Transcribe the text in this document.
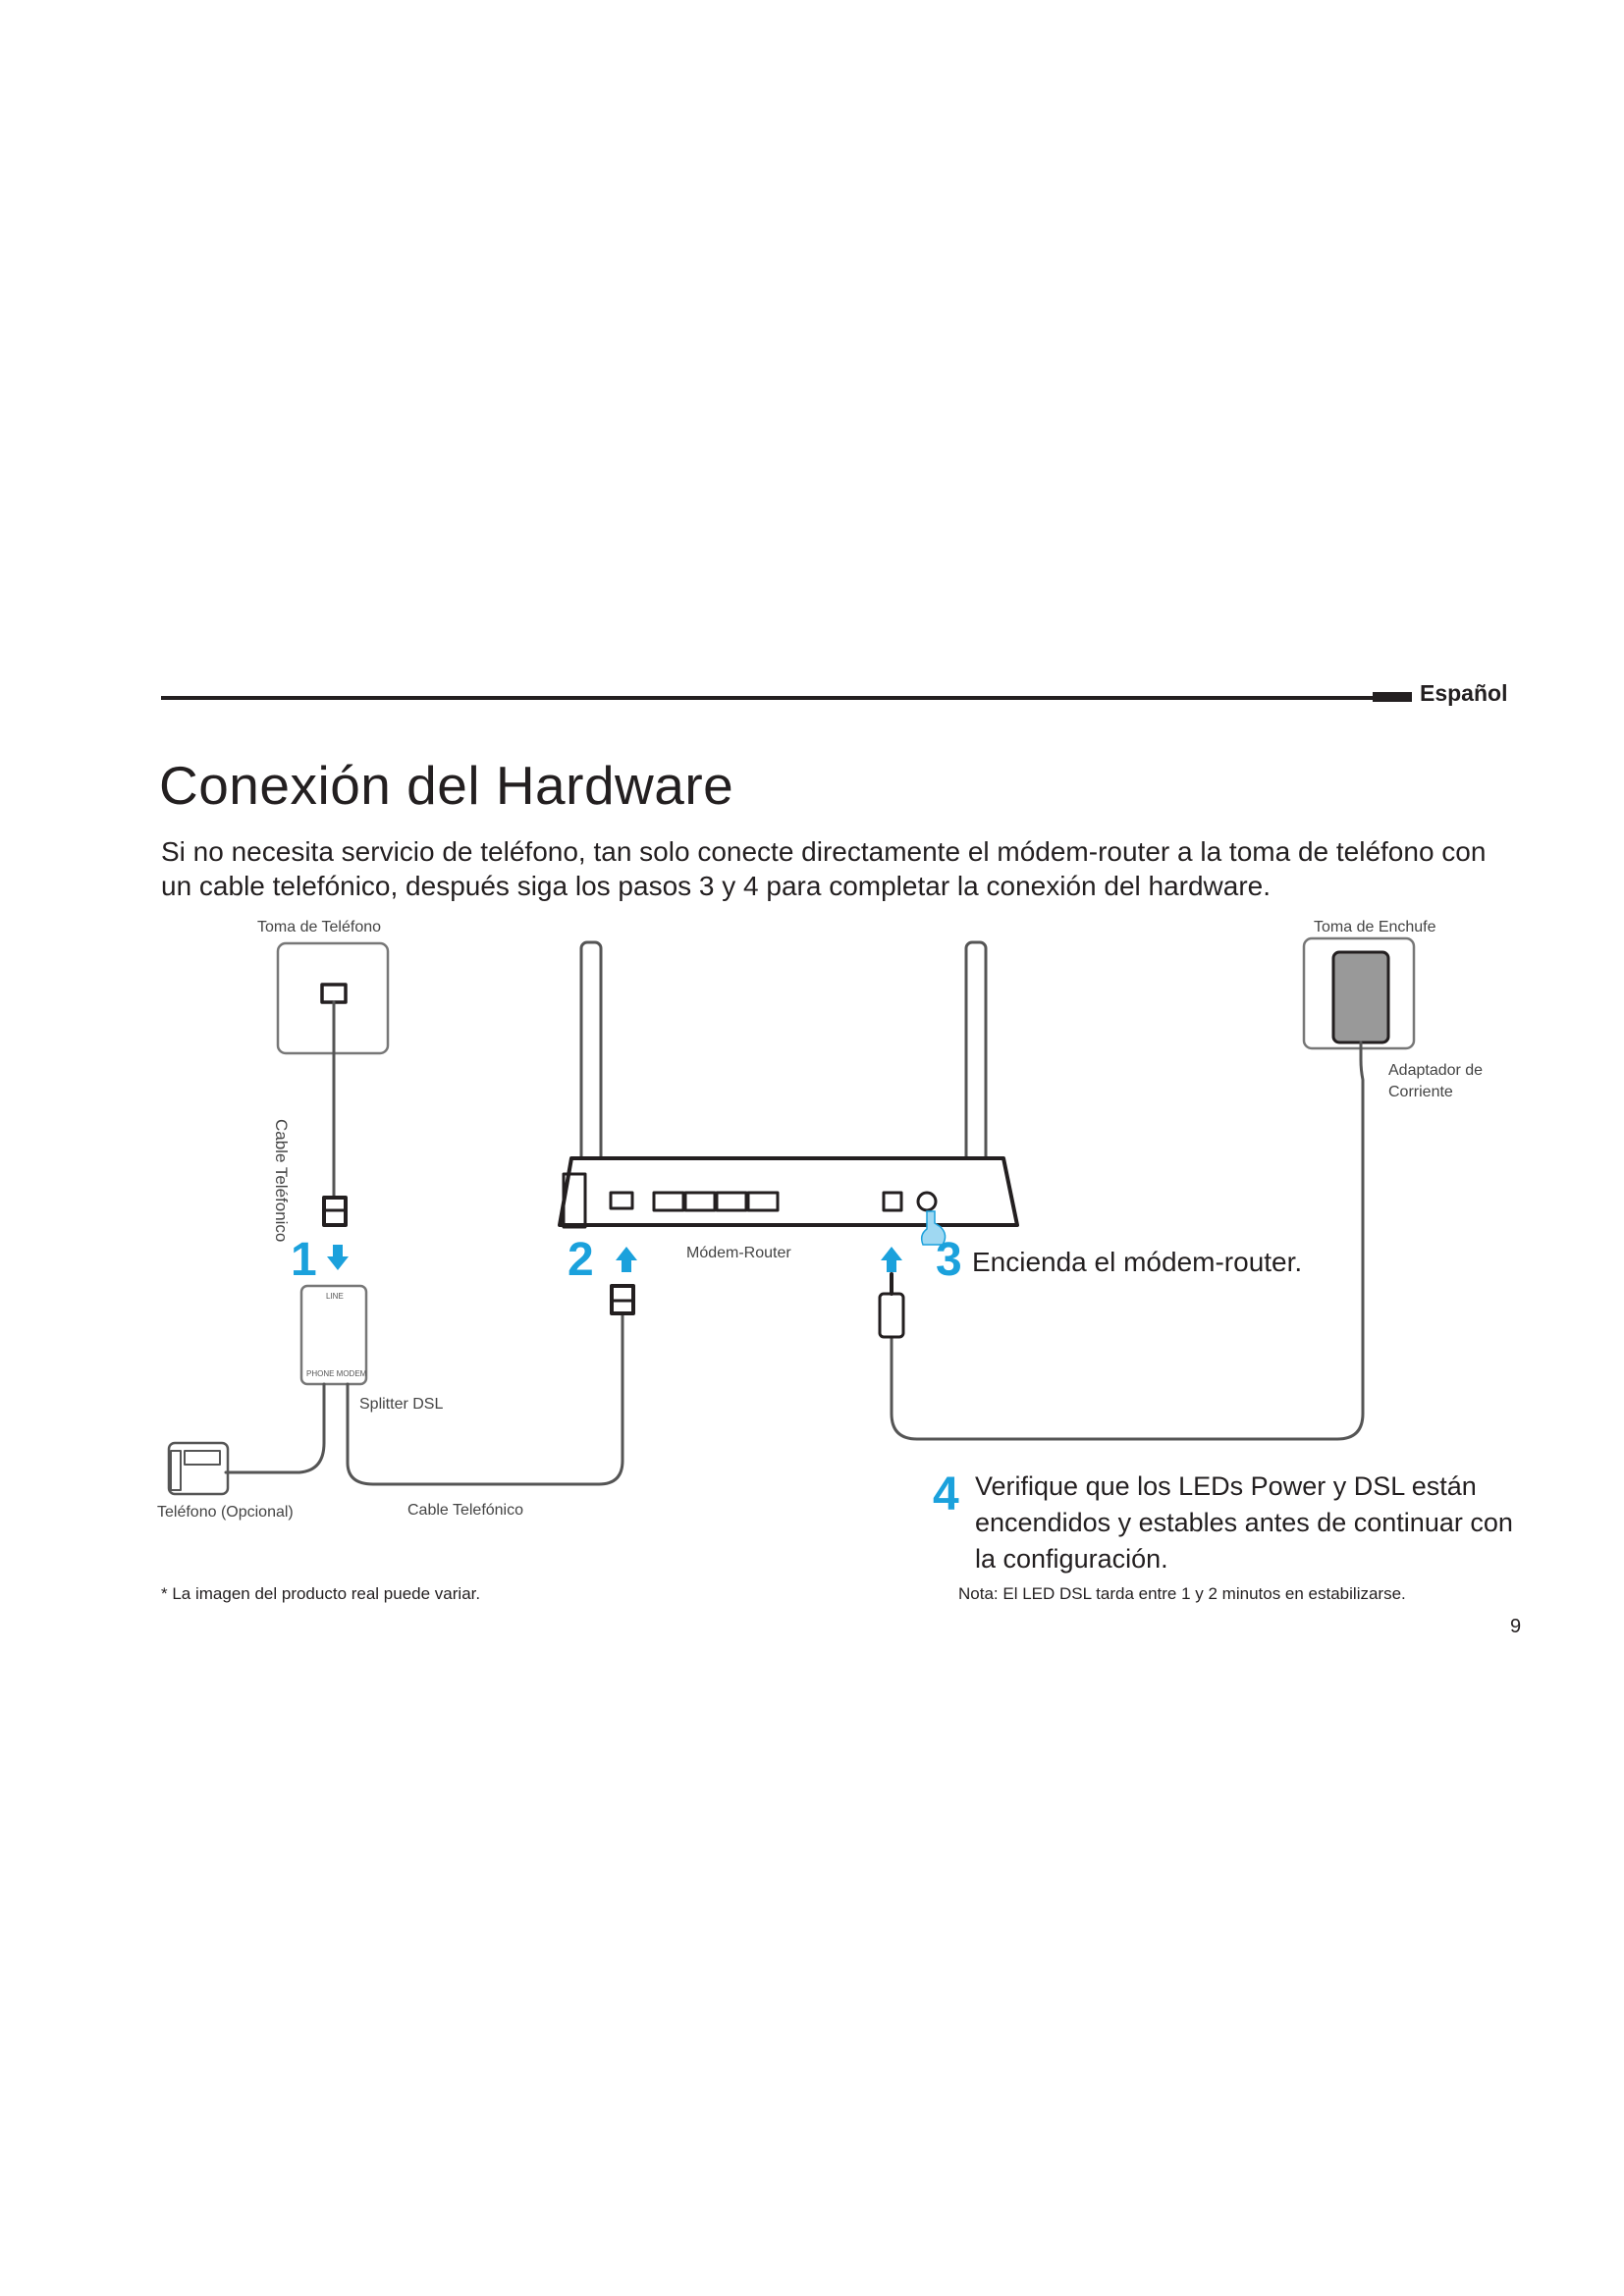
Español
Conexión del Hardware
Si no necesita servicio de teléfono, tan solo conecte directamente el módem-router a la toma de teléfono con un cable telefónico, después siga los pasos 3 y 4 para completar la conexión del hardware.
LINE
PHONE MODEM
Toma de Teléfono
Cable Teléfonico
Toma de Enchufe
Adaptador de
Corriente
Módem-Router
Splitter DSL
Teléfono (Opcional)	Cable Telefónico
1	2	3 Encienda el módem-router.
4 Verifique que los LEDs Power y DSL están encendidos y estables antes de continuar con la configuración.
* La imagen del producto real puede variar.	Nota: El LED DSL tarda entre 1 y 2 minutos en estabilizarse.
9
